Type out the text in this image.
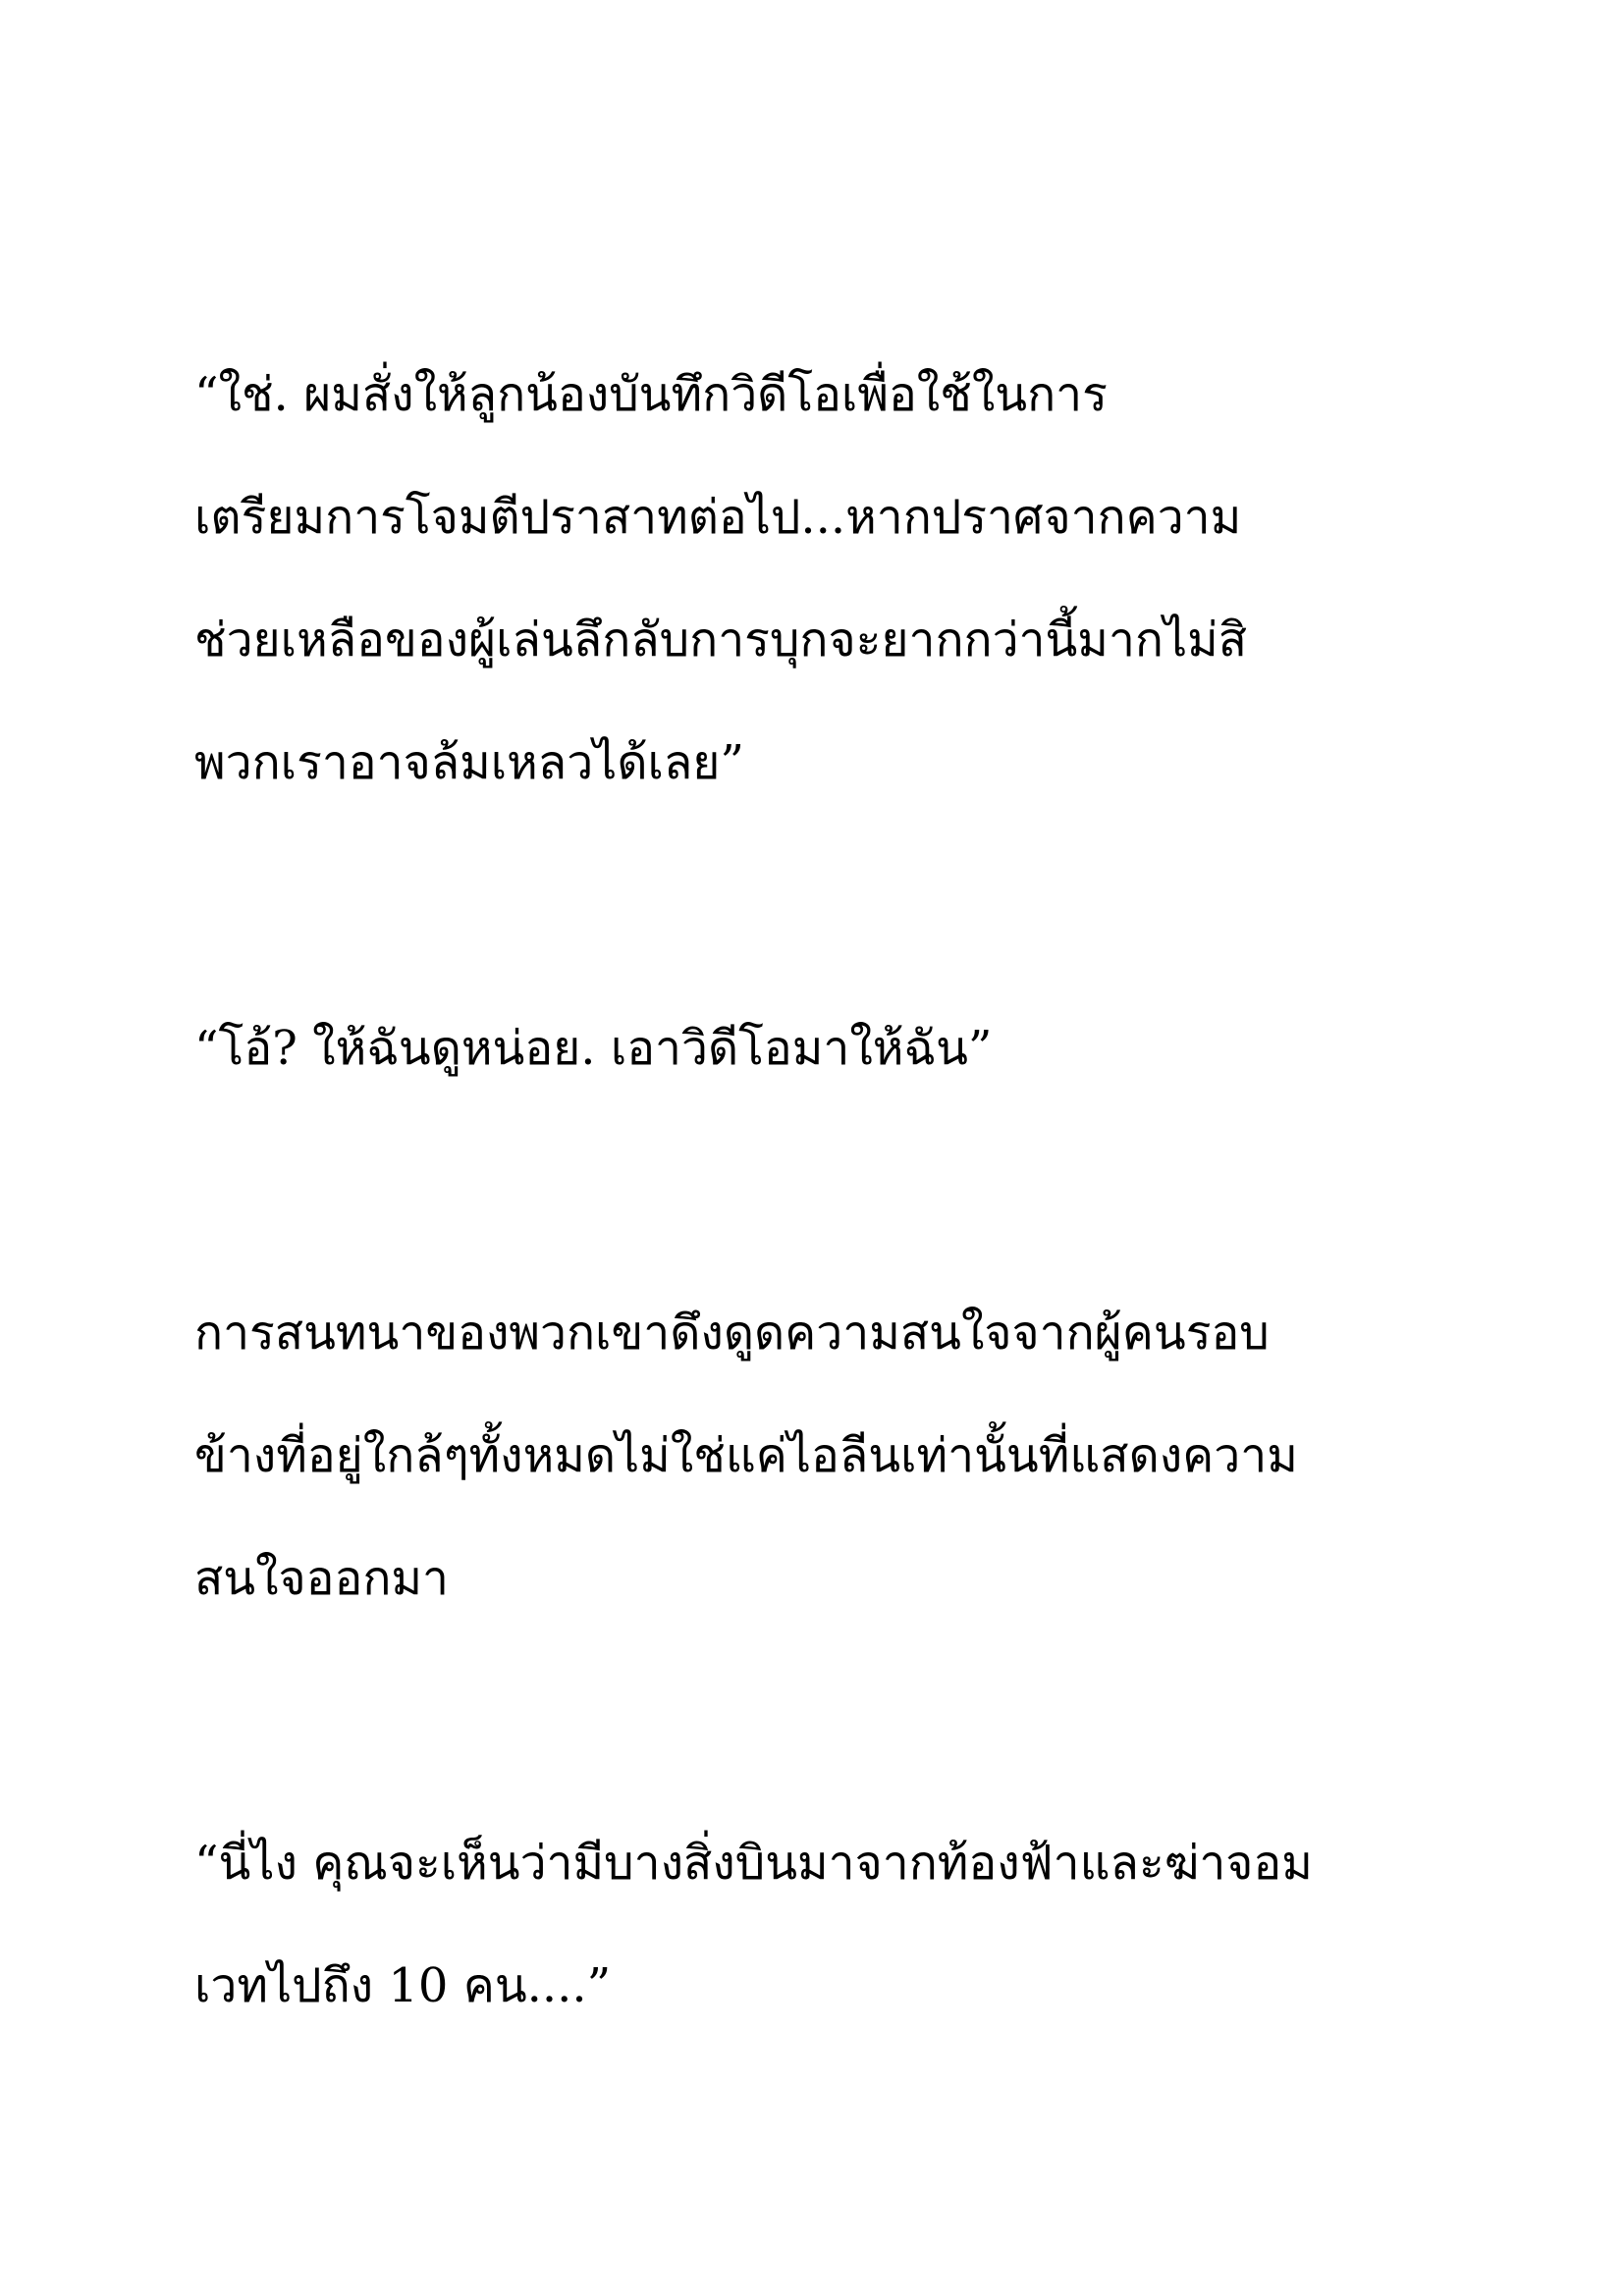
“ใช่. ผมสั่งให้ลูกน้องบันทึกวิดีโอเพื่อใช้ในการ
เตรียมการโจมตีปราสาทต่อไป...หากปราศจากความ
ช่วยเหลือของผู้เล่นลึกลับการบุกจะยากกว่านี้มากไม่สิ
พวกเราอาจล้มเหลวได้เลย”
“โอ้? ให้ฉันดูหน่อย. เอาวิดีโอมาให้ฉัน”
การสนทนาของพวกเขาดึงดูดความสนใจจากผู้คนรอบ
ข้างที่อยู่ใกล้ๆทั้งหมดไม่ใช่แค่ไอลีนเท่านั้นที่แสดงความ
สนใจออกมา
“นี่ไง คุณจะเห็นว่ามีบางสิ่งบินมาจากท้องฟ้าและฆ่าจอม
เวทไปถึง 10 คน....”
